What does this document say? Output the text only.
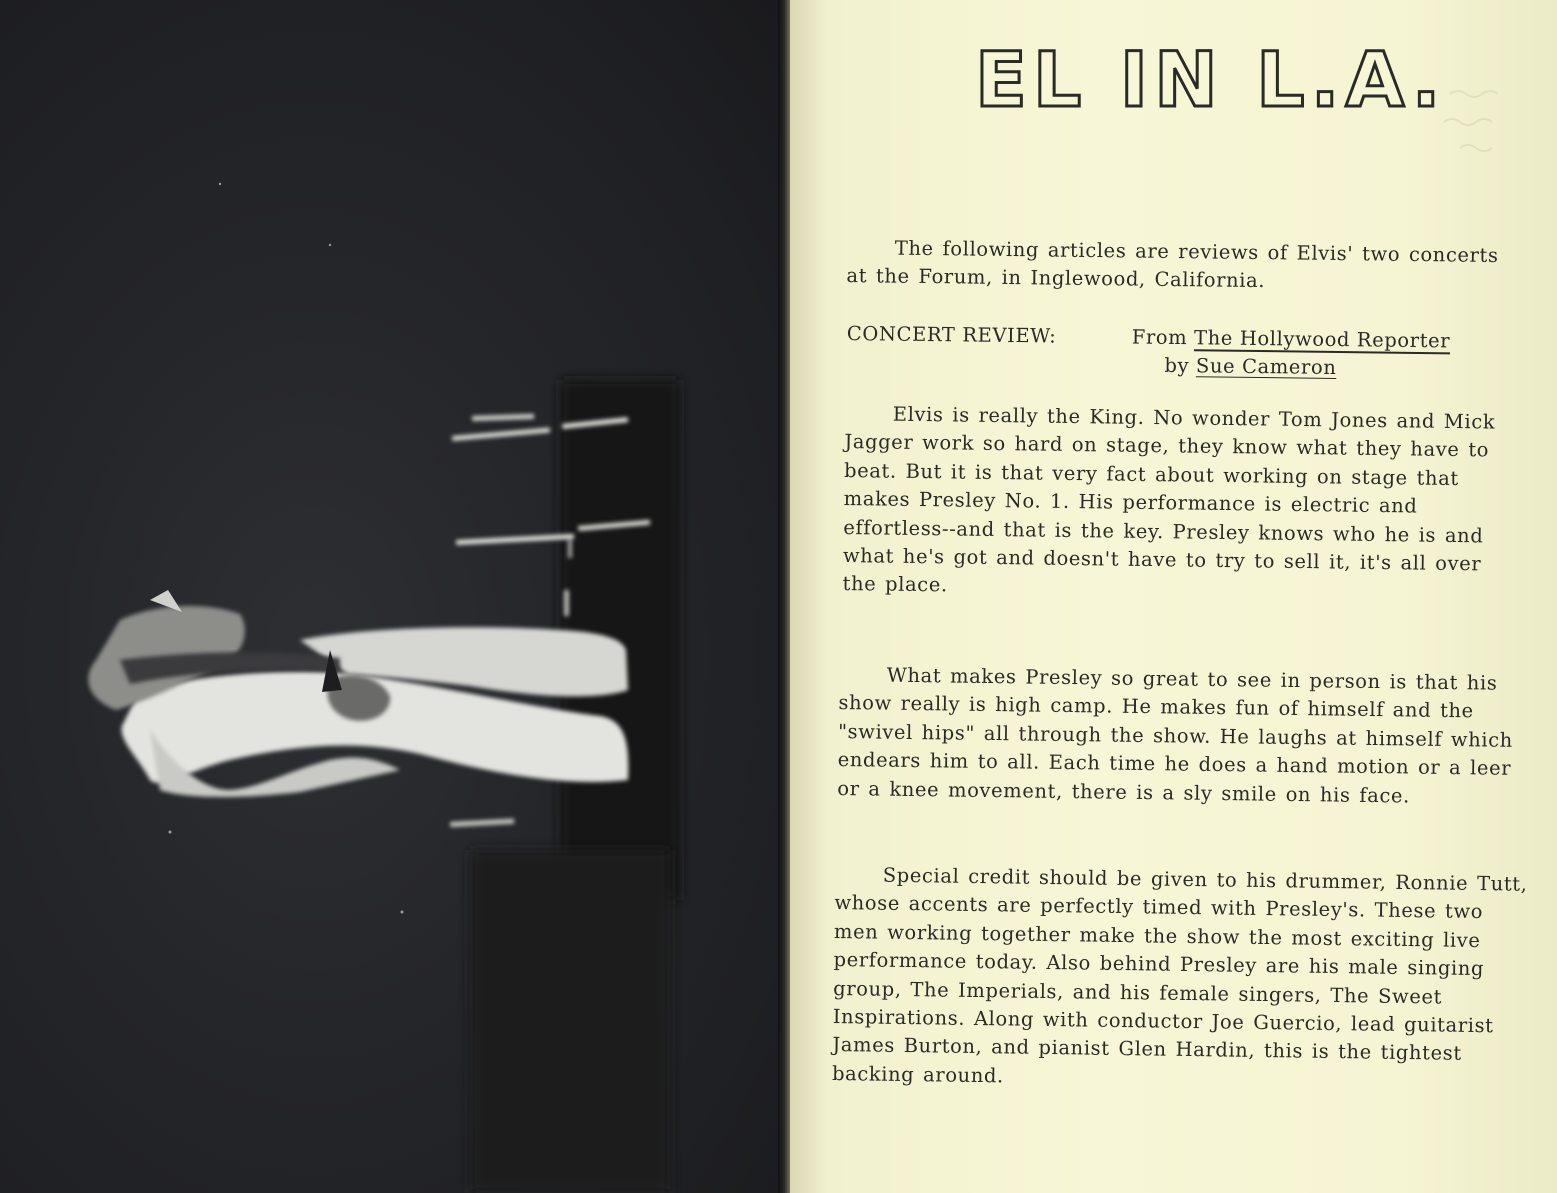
EL IN L.A.

The following articles are reviews of Elvis' two concerts at the Forum, in Inglewood, California.

CONCERT REVIEW:	From The Hollywood Reporter
by Sue Cameron

Elvis is really the King. No wonder Tom Jones and Mick Jagger work so hard on stage, they know what they have to beat. But it is that very fact about working on stage that makes Presley No. 1. His performance is electric and effortless--and that is the key. Presley knows who he is and what he's got and doesn't have to try to sell it, it's all over the place.

What makes Presley so great to see in person is that his show really is high camp. He makes fun of himself and the "swivel hips" all through the show. He laughs at himself which endears him to all. Each time he does a hand motion or a leer or a knee movement, there is a sly smile on his face.

Special credit should be given to his drummer, Ronnie Tutt, whose accents are perfectly timed with Presley's. These two men working together make the show the most exciting live performance today. Also behind Presley are his male singing group, The Imperials, and his female singers, The Sweet Inspirations. Along with conductor Joe Guercio, lead guitarist James Burton, and pianist Glen Hardin, this is the tightest backing around.
